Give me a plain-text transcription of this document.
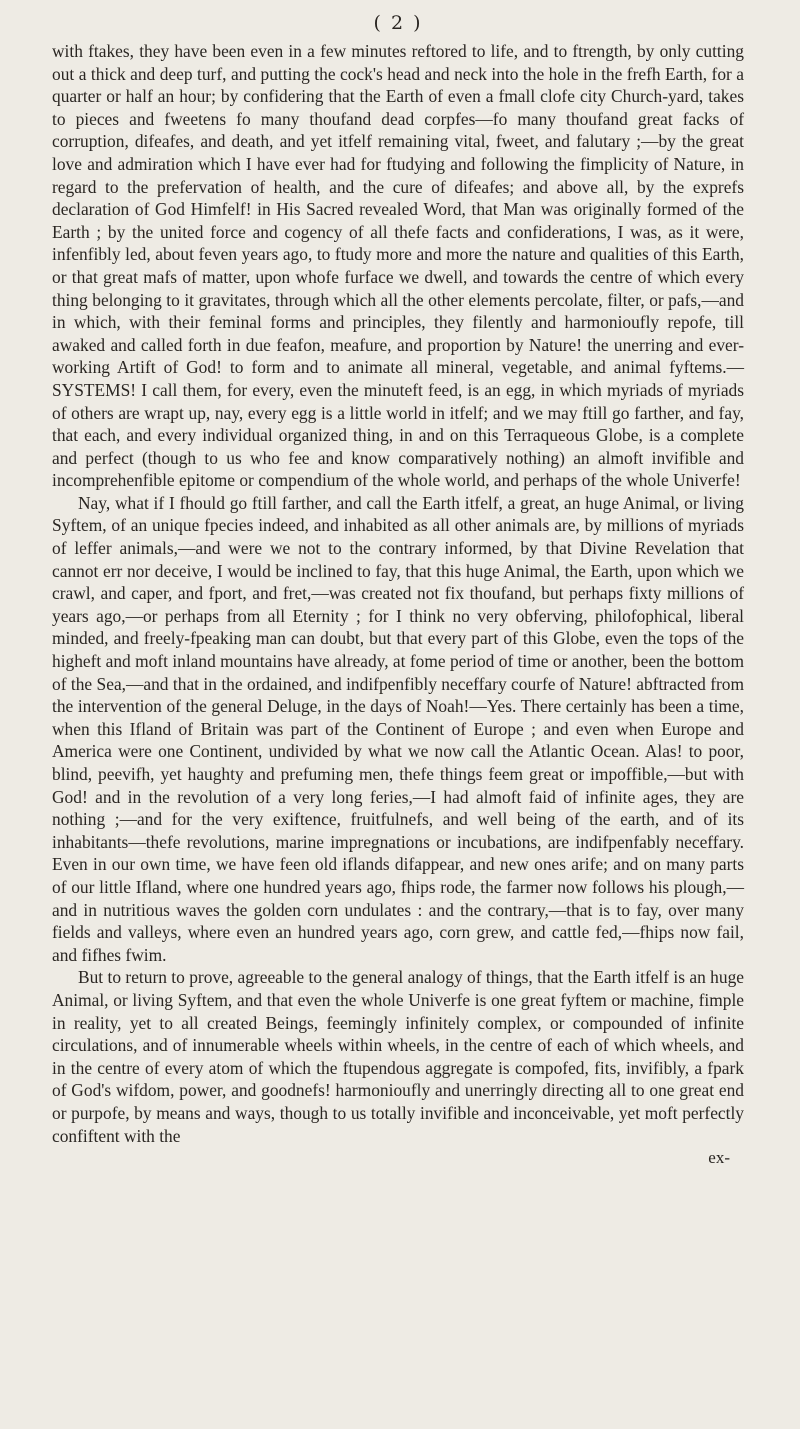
( 2 )

with ftakes, they have been even in a few minutes reftored to life, and to ftrength, by only cutting out a thick and deep turf, and putting the cock's head and neck into the hole in the frefh Earth, for a quarter or half an hour; by confidering that the Earth of even a fmall clofe city Church-yard, takes to pieces and fweetens fo many thoufand dead corpfes—fo many thoufand great facks of corruption, difeafes, and death, and yet itfelf remaining vital, fweet, and falutary ;—by the great love and admiration which I have ever had for ftudying and following the fimplicity of Nature, in regard to the prefervation of health, and the cure of difeafes; and above all, by the exprefs declaration of God Himfelf! in His Sacred revealed Word, that Man was originally formed of the Earth ; by the united force and cogency of all thefe facts and confiderations, I was, as it were, infenfibly led, about feven years ago, to ftudy more and more the nature and qualities of this Earth, or that great mafs of matter, upon whofe furface we dwell, and towards the centre of which every thing belonging to it gravitates, through which all the other elements percolate, filter, or pafs,—and in which, with their feminal forms and principles, they filently and harmonioufly repofe, till awaked and called forth in due feafon, meafure, and proportion by Nature! the unerring and ever-working Artift of God! to form and to animate all mineral, vegetable, and animal fyftems.—SYSTEMS! I call them, for every, even the minuteft feed, is an egg, in which myriads of myriads of others are wrapt up, nay, every egg is a little world in itfelf; and we may ftill go farther, and fay, that each, and every individual organized thing, in and on this Terraqueous Globe, is a complete and perfect (though to us who fee and know comparatively nothing) an almoft invifible and incomprehenfible epitome or compendium of the whole world, and perhaps of the whole Univerfe!

Nay, what if I fhould go ftill farther, and call the Earth itfelf, a great, an huge Animal, or living Syftem, of an unique fpecies indeed, and inhabited as all other animals are, by millions of myriads of leffer animals,—and were we not to the contrary informed, by that Divine Revelation that cannot err nor deceive, I would be inclined to fay, that this huge Animal, the Earth, upon which we crawl, and caper, and fport, and fret,—was created not fix thoufand, but perhaps fixty millions of years ago,—or perhaps from all Eternity ; for I think no very obferving, philofophical, liberal minded, and freely-fpeaking man can doubt, but that every part of this Globe, even the tops of the higheft and moft inland mountains have already, at fome period of time or another, been the bottom of the Sea,—and that in the ordained, and indifpenfibly neceffary courfe of Nature! abftracted from the intervention of the general Deluge, in the days of Noah!—Yes. There certainly has been a time, when this Ifland of Britain was part of the Continent of Europe ; and even when Europe and America were one Continent, undivided by what we now call the Atlantic Ocean. Alas! to poor, blind, peevifh, yet haughty and prefuming men, thefe things feem great or impoffible,—but with God! and in the revolution of a very long feries,—I had almoft faid of infinite ages, they are nothing ;—and for the very exiftence, fruitfulnefs, and well being of the earth, and of its inhabitants—thefe revolutions, marine impregnations or incubations, are indifpenfably neceffary. Even in our own time, we have feen old iflands difappear, and new ones arife; and on many parts of our little Ifland, where one hundred years ago, fhips rode, the farmer now follows his plough,—and in nutritious waves the golden corn undulates : and the contrary,—that is to fay, over many fields and valleys, where even an hundred years ago, corn grew, and cattle fed,—fhips now fail, and fifhes fwim.

But to return to prove, agreeable to the general analogy of things, that the Earth itfelf is an huge Animal, or living Syftem, and that even the whole Univerfe is one great fyftem or machine, fimple in reality, yet to all created Beings, feemingly infinitely complex, or compounded of infinite circulations, and of innumerable wheels within wheels, in the centre of each of which wheels, and in the centre of every atom of which the ftupendous aggregate is compofed, fits, invifibly, a fpark of God's wifdom, power, and goodnefs! harmonioufly and unerringly directing all to one great end or purpofe, by means and ways, though to us totally invifible and inconceivable, yet moft perfectly confiftent with the

ex-
